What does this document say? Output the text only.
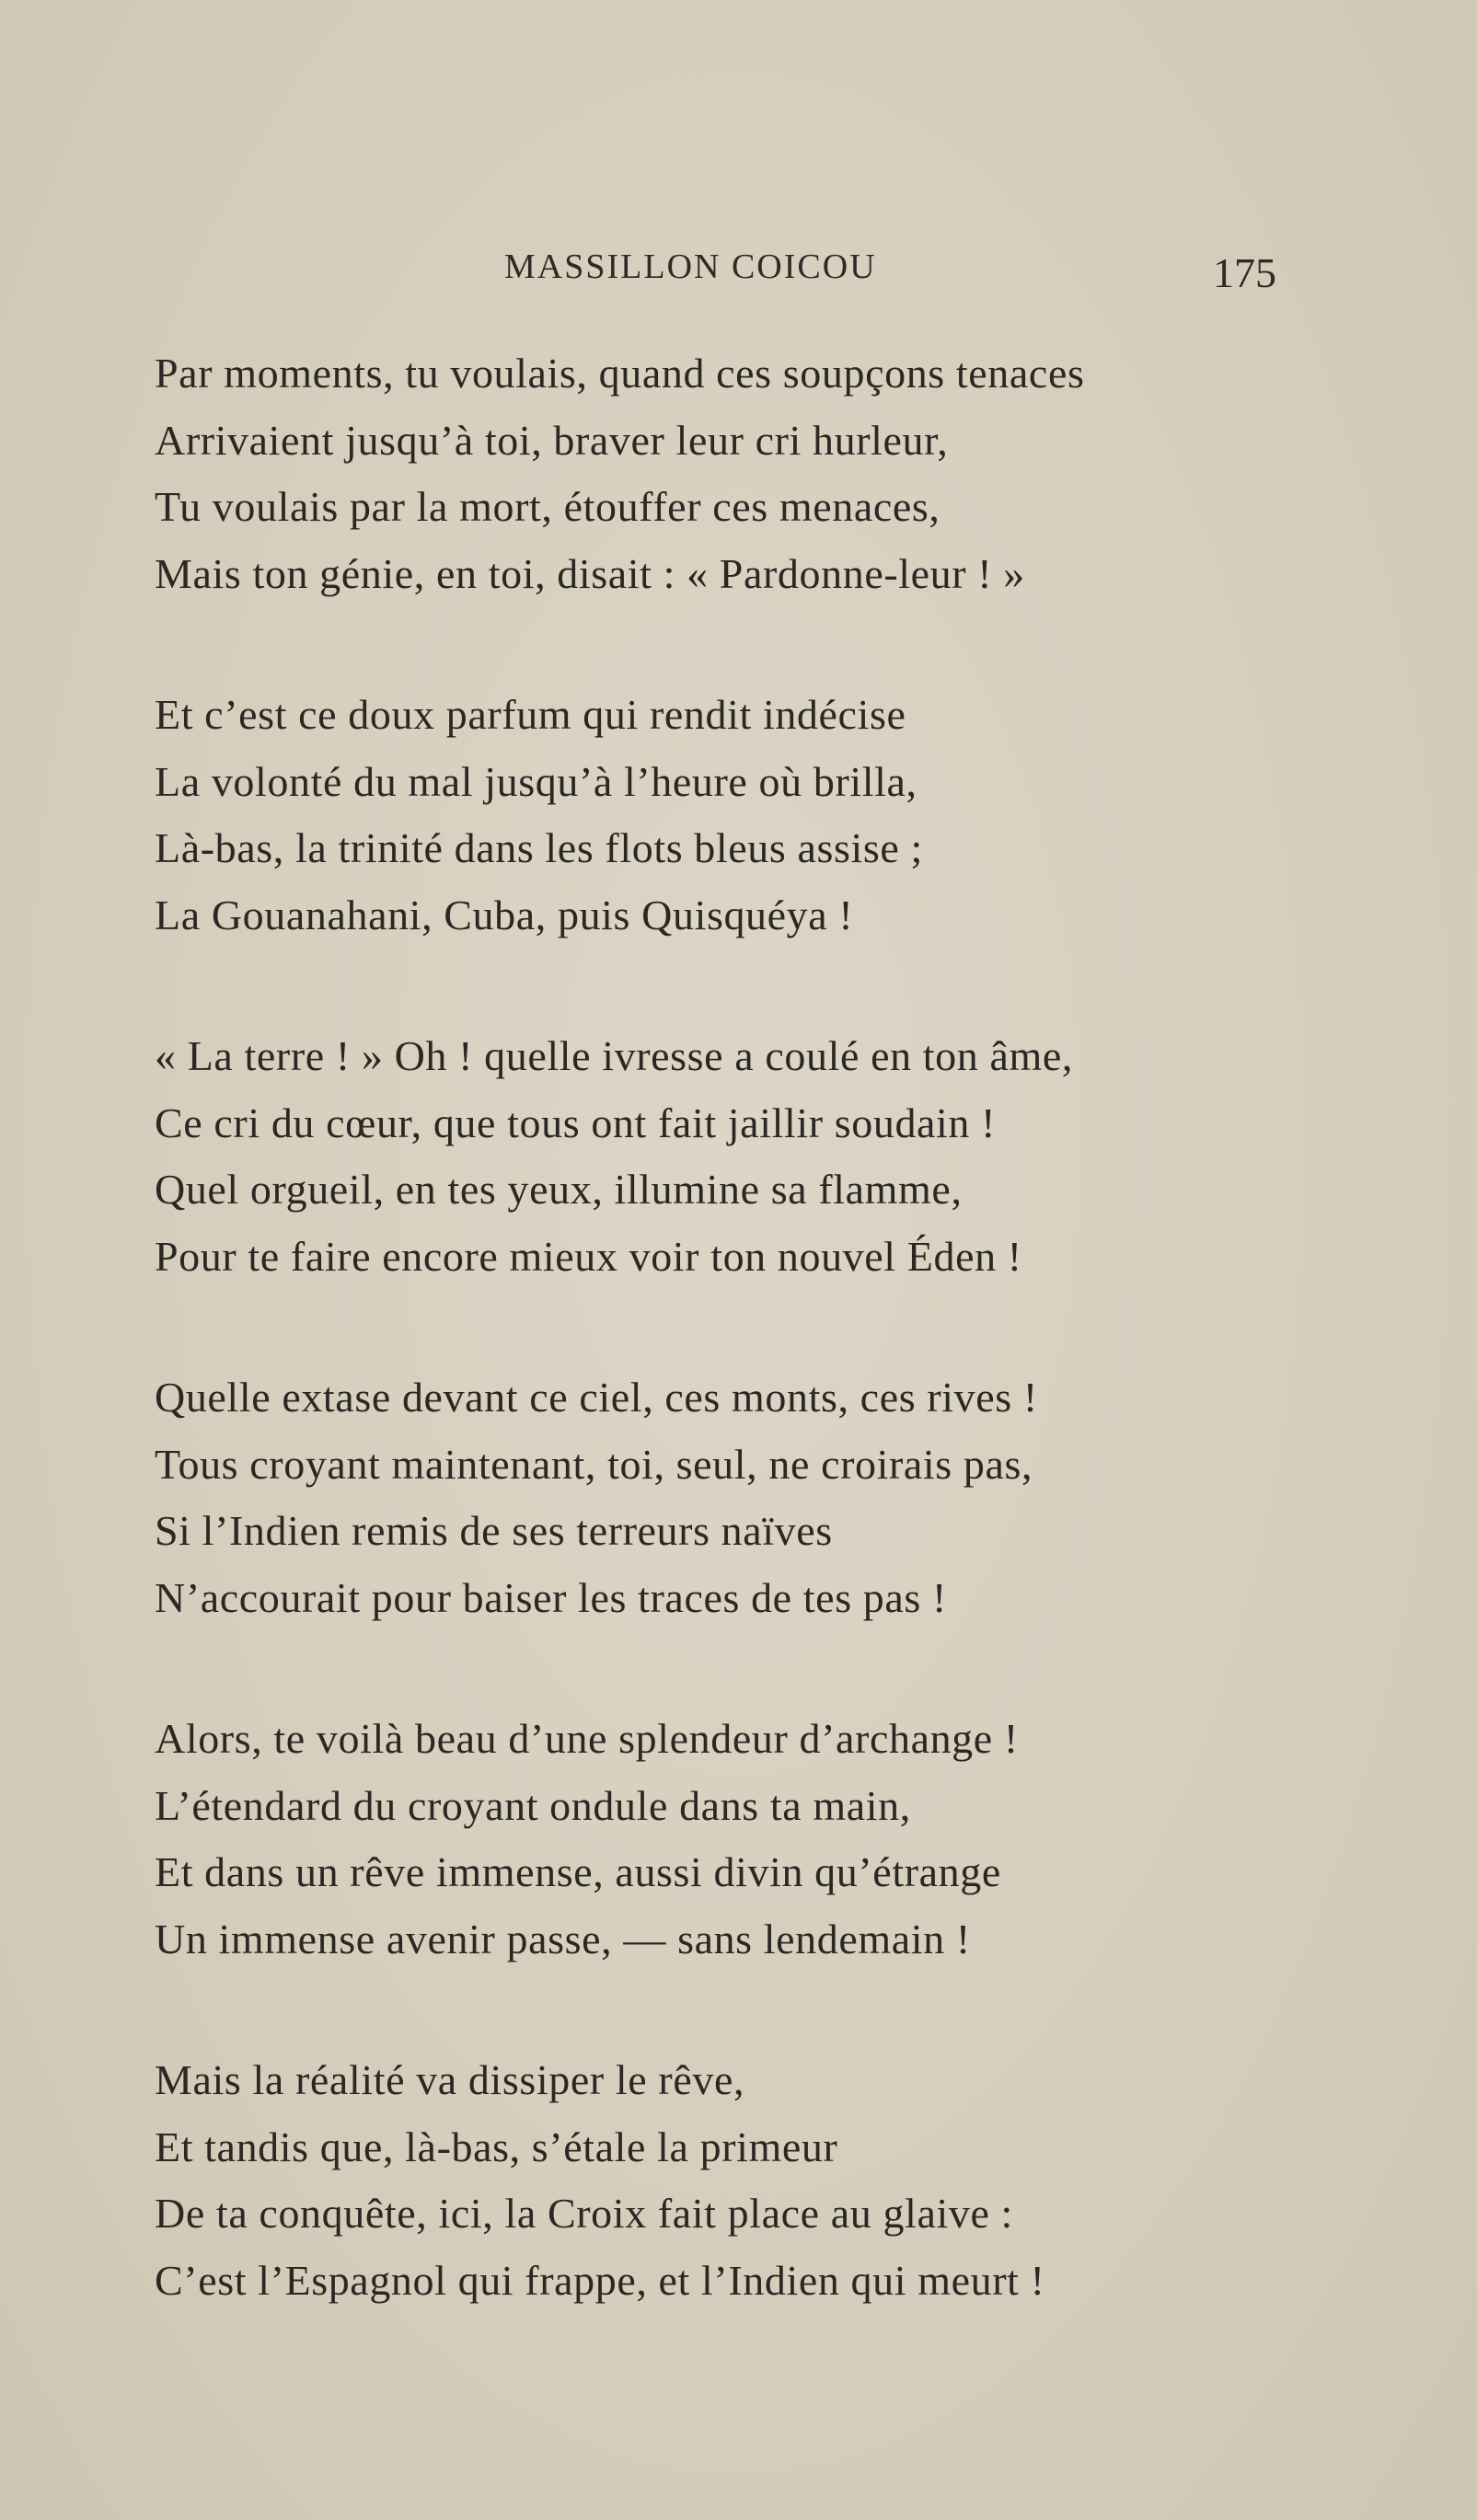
MASSILLON COICOU	175
Par moments, tu voulais, quand ces soupçons tenaces
Arrivaient jusqu’à toi, braver leur cri hurleur,
Tu voulais par la mort, étouffer ces menaces,
Mais ton génie, en toi, disait : « Pardonne-leur ! »
Et c’est ce doux parfum qui rendit indécise
La volonté du mal jusqu’à l’heure où brilla,
Là-bas, la trinité dans les flots bleus assise ;
La Gouanahani, Cuba, puis Quisquéya !
« La terre ! » Oh ! quelle ivresse a coulé en ton âme,
Ce cri du cœur, que tous ont fait jaillir soudain !
Quel orgueil, en tes yeux, illumine sa flamme,
Pour te faire encore mieux voir ton nouvel Éden !
Quelle extase devant ce ciel, ces monts, ces rives !
Tous croyant maintenant, toi, seul, ne croirais pas,
Si l’Indien remis de ses terreurs naïves
N’accourait pour baiser les traces de tes pas !
Alors, te voilà beau d’une splendeur d’archange !
L’étendard du croyant ondule dans ta main,
Et dans un rêve immense, aussi divin qu’étrange
Un immense avenir passe, — sans lendemain !
Mais la réalité va dissiper le rêve,
Et tandis que, là-bas, s’étale la primeur
De ta conquête, ici, la Croix fait place au glaive :
C’est l’Espagnol qui frappe, et l’Indien qui meurt !
